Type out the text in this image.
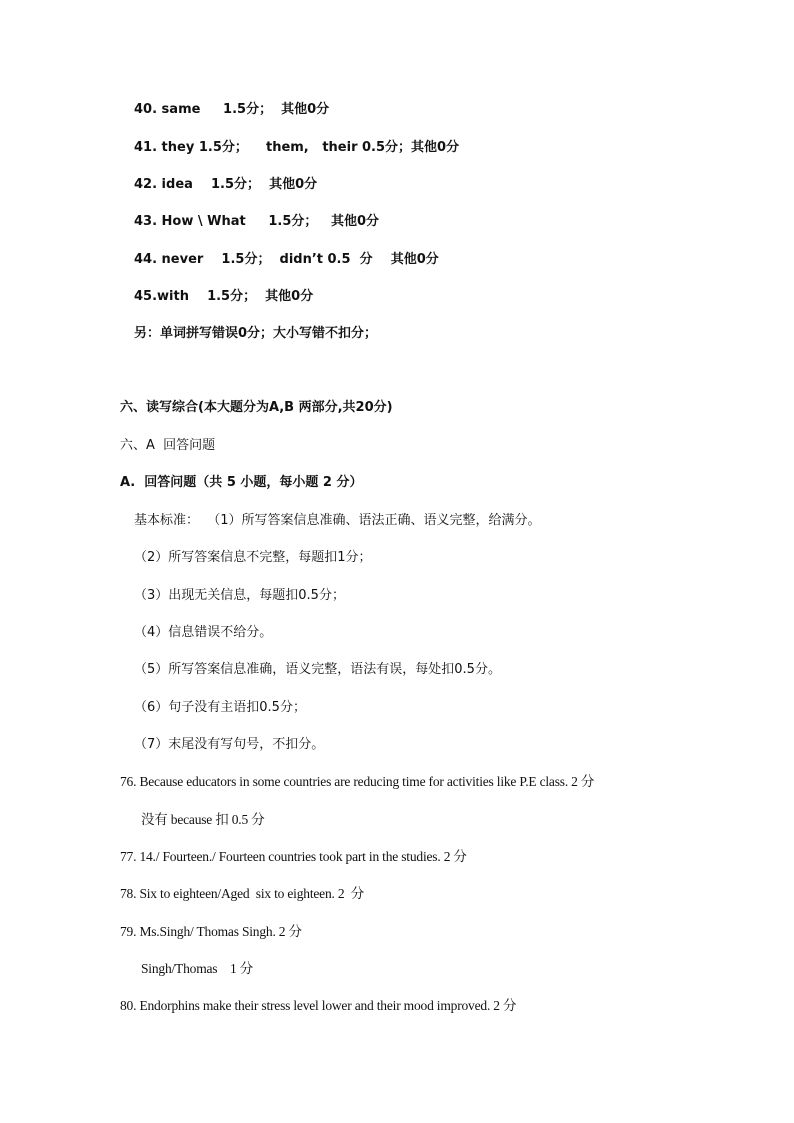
40. same     1.5分；  其他0分
41. they 1.5分；    them,   their 0.5分；其他0分
42. idea    1.5分；  其他0分
43. How \ What     1.5分；   其他0分
44. never    1.5分；  didn’t 0.5  分    其他0分
45.with    1.5分；  其他0分
另：单词拼写错误0分；大小写错不扣分；
六、读写综合(本大题分为A,B 两部分,共20分)
六、A  回答问题
A.  回答问题（共 5 小题，每小题 2 分）
基本标准：  （1）所写答案信息准确、语法正确、语义完整，给满分。
（2）所写答案信息不完整，每题扣1分；
（3）出现无关信息，每题扣0.5分；
（4）信息错误不给分。
（5）所写答案信息准确，语义完整，语法有误，每处扣0.5分。
（6）句子没有主语扣0.5分；
（7）末尾没有写句号，不扣分。
76. Because educators in some countries are reducing time for activities like P.E class. 2 分
没有 because 扣 0.5 分
77. 14./ Fourteen./ Fourteen countries took part in the studies. 2 分
78. Six to eighteen/Aged  six to eighteen. 2  分
79. Ms.Singh/ Thomas Singh. 2 分
Singh/Thomas    1 分
80. Endorphins make their stress level lower and their mood improved. 2 分
